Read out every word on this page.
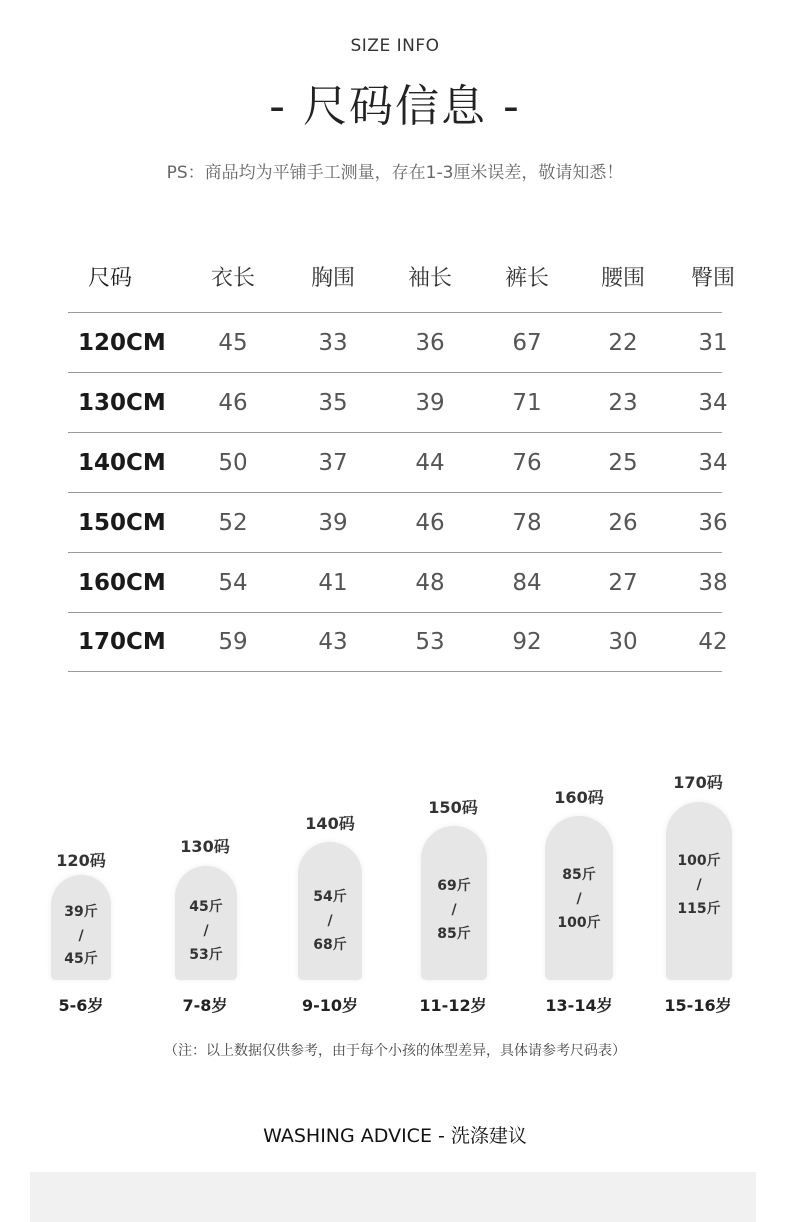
SIZE INFO
- 尺码信息 -
PS：商品均为平铺手工测量，存在1-3厘米误差，敬请知悉！
尺码	衣长	胸围	袖长	裤长	腰围	臀围
120CM	45	33	36	67	22	31
130CM	46	35	39	71	23	34
140CM	50	37	44	76	25	34
150CM	52	39	46	78	26	36
160CM	54	41	48	84	27	38
170CM	59	43	53	92	30	42
120码
39斤
/
45斤
5-6岁
130码
45斤
/
53斤
7-8岁
140码
54斤
/
68斤
9-10岁
150码
69斤
/
85斤
11-12岁
160码
85斤
/
100斤
13-14岁
170码
100斤
/
115斤
15-16岁
（注：以上数据仅供参考，由于每个小孩的体型差异，具体请参考尺码表）
WASHING ADVICE - 洗涤建议
